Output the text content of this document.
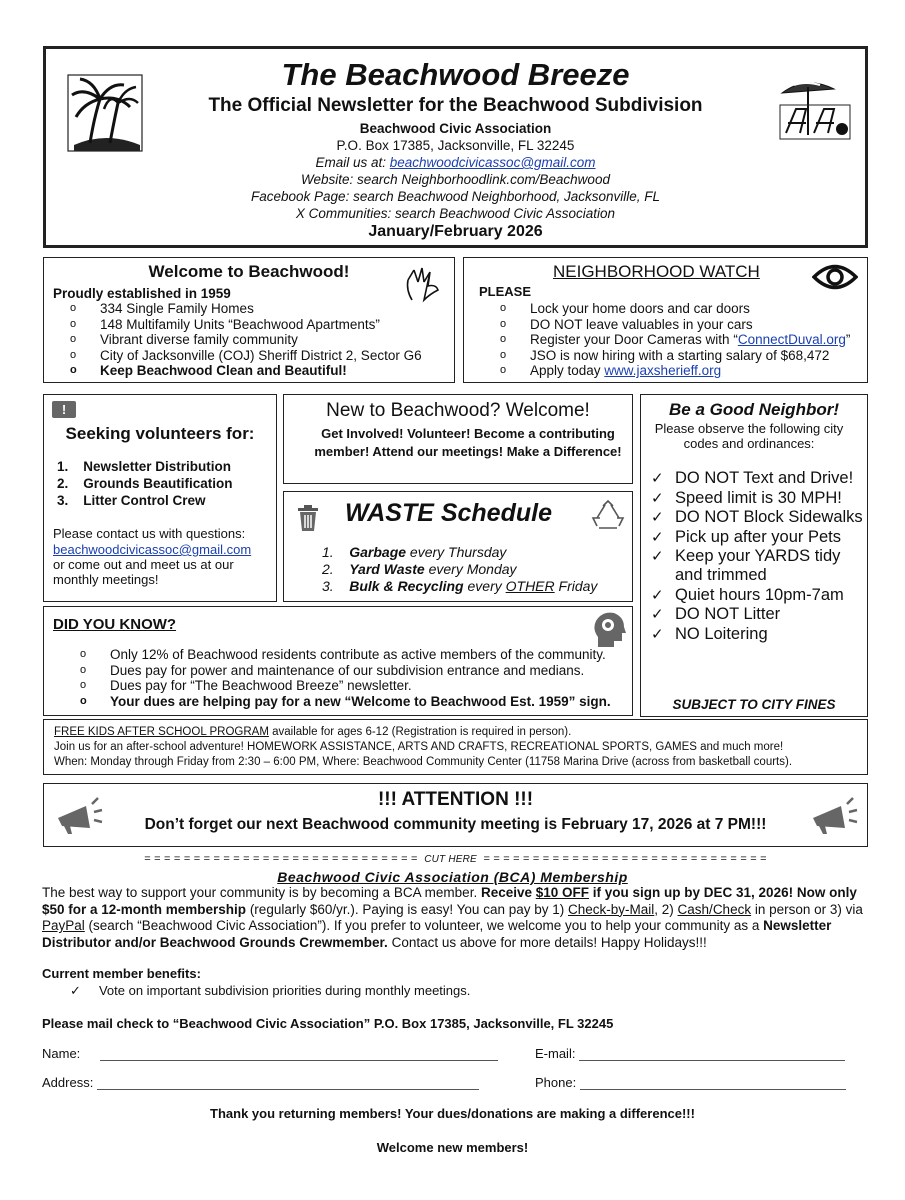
The Beachwood Breeze
The Official Newsletter for the Beachwood Subdivision
Beachwood Civic Association
P.O. Box 17385, Jacksonville, FL 32245
Email us at: beachwoodcivicassoc@gmail.com
Website: search Neighborhoodlink.com/Beachwood
Facebook Page: search Beachwood Neighborhood, Jacksonville, FL
X Communities: search Beachwood Civic Association
January/February 2026
Welcome to Beachwood!
Proudly established in 1959
o 334 Single Family Homes
o 148 Multifamily Units “Beachwood Apartments”
o Vibrant diverse family community
o City of Jacksonville (COJ) Sheriff District 2, Sector G6
o Keep Beachwood Clean and Beautiful!
NEIGHBORHOOD WATCH
PLEASE
o Lock your home doors and car doors
o DO NOT leave valuables in your cars
o Register your Door Cameras with “ConnectDuval.org”
o JSO is now hiring with a starting salary of $68,472
o Apply today www.jaxsherieff.org
!
Seeking volunteers for:
1.    Newsletter Distribution
2.    Grounds Beautification
3.    Litter Control Crew
Please contact us with questions:
beachwoodcivicassoc@gmail.com
or come out and meet us at our monthly meetings!
New to Beachwood? Welcome!
Get Involved! Volunteer! Become a contributing member! Attend our meetings! Make a Difference!
WASTE Schedule
1.    Garbage every Thursday
2.    Yard Waste every Monday
3.    Bulk & Recycling every OTHER Friday
Be a Good Neighbor!
Please observe the following city codes and ordinances:
✓ DO NOT Text and Drive!
✓ Speed limit is 30 MPH!
✓ DO NOT Block Sidewalks
✓ Pick up after your Pets
✓ Keep your YARDS tidy and trimmed
✓ Quiet hours 10pm-7am
✓ DO NOT Litter
✓ NO Loitering
SUBJECT TO CITY FINES
DID YOU KNOW?
o Only 12% of Beachwood residents contribute as active members of the community.
o Dues pay for power and maintenance of our subdivision entrance and medians.
o Dues pay for “The Beachwood Breeze” newsletter.
o Your dues are helping pay for a new “Welcome to Beachwood Est. 1959” sign.
FREE KIDS AFTER SCHOOL PROGRAM available for ages 6-12 (Registration is required in person).
Join us for an after-school adventure! HOMEWORK ASSISTANCE, ARTS AND CRAFTS, RECREATIONAL SPORTS, GAMES and much more!
When: Monday through Friday from 2:30 – 6:00 PM, Where: Beachwood Community Center (11758 Marina Drive (across from basketball courts).
!!! ATTENTION !!!
Don’t forget our next Beachwood community meeting is February 17, 2026 at 7 PM!!!
= = = = = = = = = = = = = = = = = = = = = = = = = = = = CUT HERE = = = = = = = = = = = = = = = = = = = = = = = = = = = = =
Beachwood Civic Association (BCA) Membership
The best way to support your community is by becoming a BCA member. Receive $10 OFF if you sign up by DEC 31, 2026! Now only $50 for a 12-month membership (regularly $60/yr.). Paying is easy! You can pay by 1) Check-by-Mail, 2) Cash/Check in person or 3) via PayPal (search “Beachwood Civic Association”). If you prefer to volunteer, we welcome you to help your community as a Newsletter Distributor and/or Beachwood Grounds Crewmember. Contact us above for more details! Happy Holidays!!!
Current member benefits:
✓     Vote on important subdivision priorities during monthly meetings.
Please mail check to “Beachwood Civic Association” P.O. Box 17385, Jacksonville, FL 32245
Name:	E-mail:
Address:	Phone:
Thank you returning members! Your dues/donations are making a difference!!!
Welcome new members!
